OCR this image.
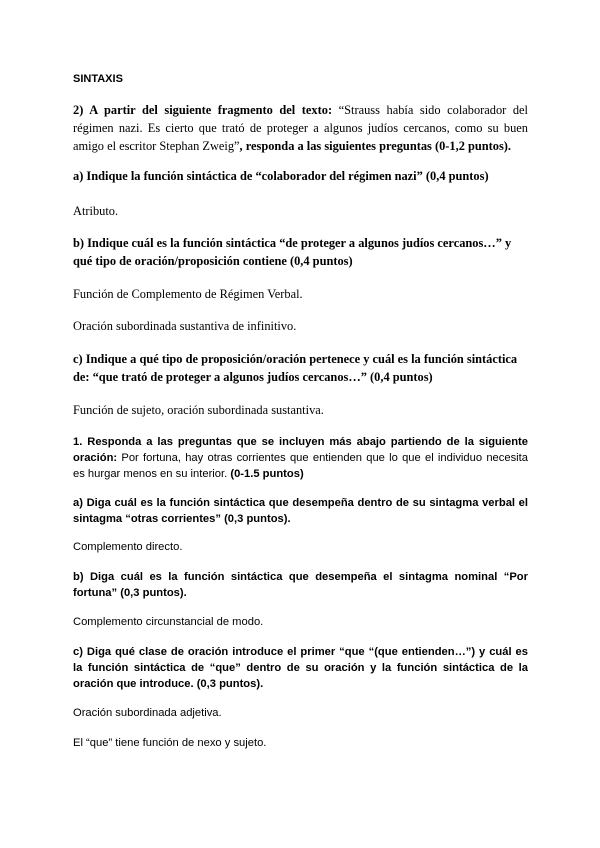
SINTAXIS

2) A partir del siguiente fragmento del texto: “Strauss había sido colaborador del régimen nazi. Es cierto que trató de proteger a algunos judíos cercanos, como su buen amigo el escritor Stephan Zweig”, responda a las siguientes preguntas (0-1,2 puntos).

a) Indique la función sintáctica de “colaborador del régimen nazi” (0,4 puntos)

Atributo.

b) Indique cuál es la función sintáctica “de proteger a algunos judíos cercanos…” y qué tipo de oración/proposición contiene (0,4 puntos)

Función de Complemento de Régimen Verbal.

Oración subordinada sustantiva de infinitivo.

c) Indique a qué tipo de proposición/oración pertenece y cuál es la función sintáctica de: “que trató de proteger a algunos judíos cercanos…” (0,4 puntos)

Función de sujeto, oración subordinada sustantiva.

1. Responda a las preguntas que se incluyen más abajo partiendo de la siguiente oración: Por fortuna, hay otras corrientes que entienden que lo que el individuo necesita es hurgar menos en su interior. (0-1.5 puntos)

a) Diga cuál es la función sintáctica que desempeña dentro de su sintagma verbal el sintagma “otras corrientes” (0,3 puntos).

Complemento directo.

b) Diga cuál es la función sintáctica que desempeña el sintagma nominal “Por fortuna” (0,3 puntos).

Complemento circunstancial de modo.

c) Diga qué clase de oración introduce el primer “que “(que entienden…”) y cuál es la función sintáctica de “que” dentro de su oración y la función sintáctica de la oración que introduce. (0,3 puntos).

Oración subordinada adjetiva.

El “que” tiene función de nexo y sujeto.
